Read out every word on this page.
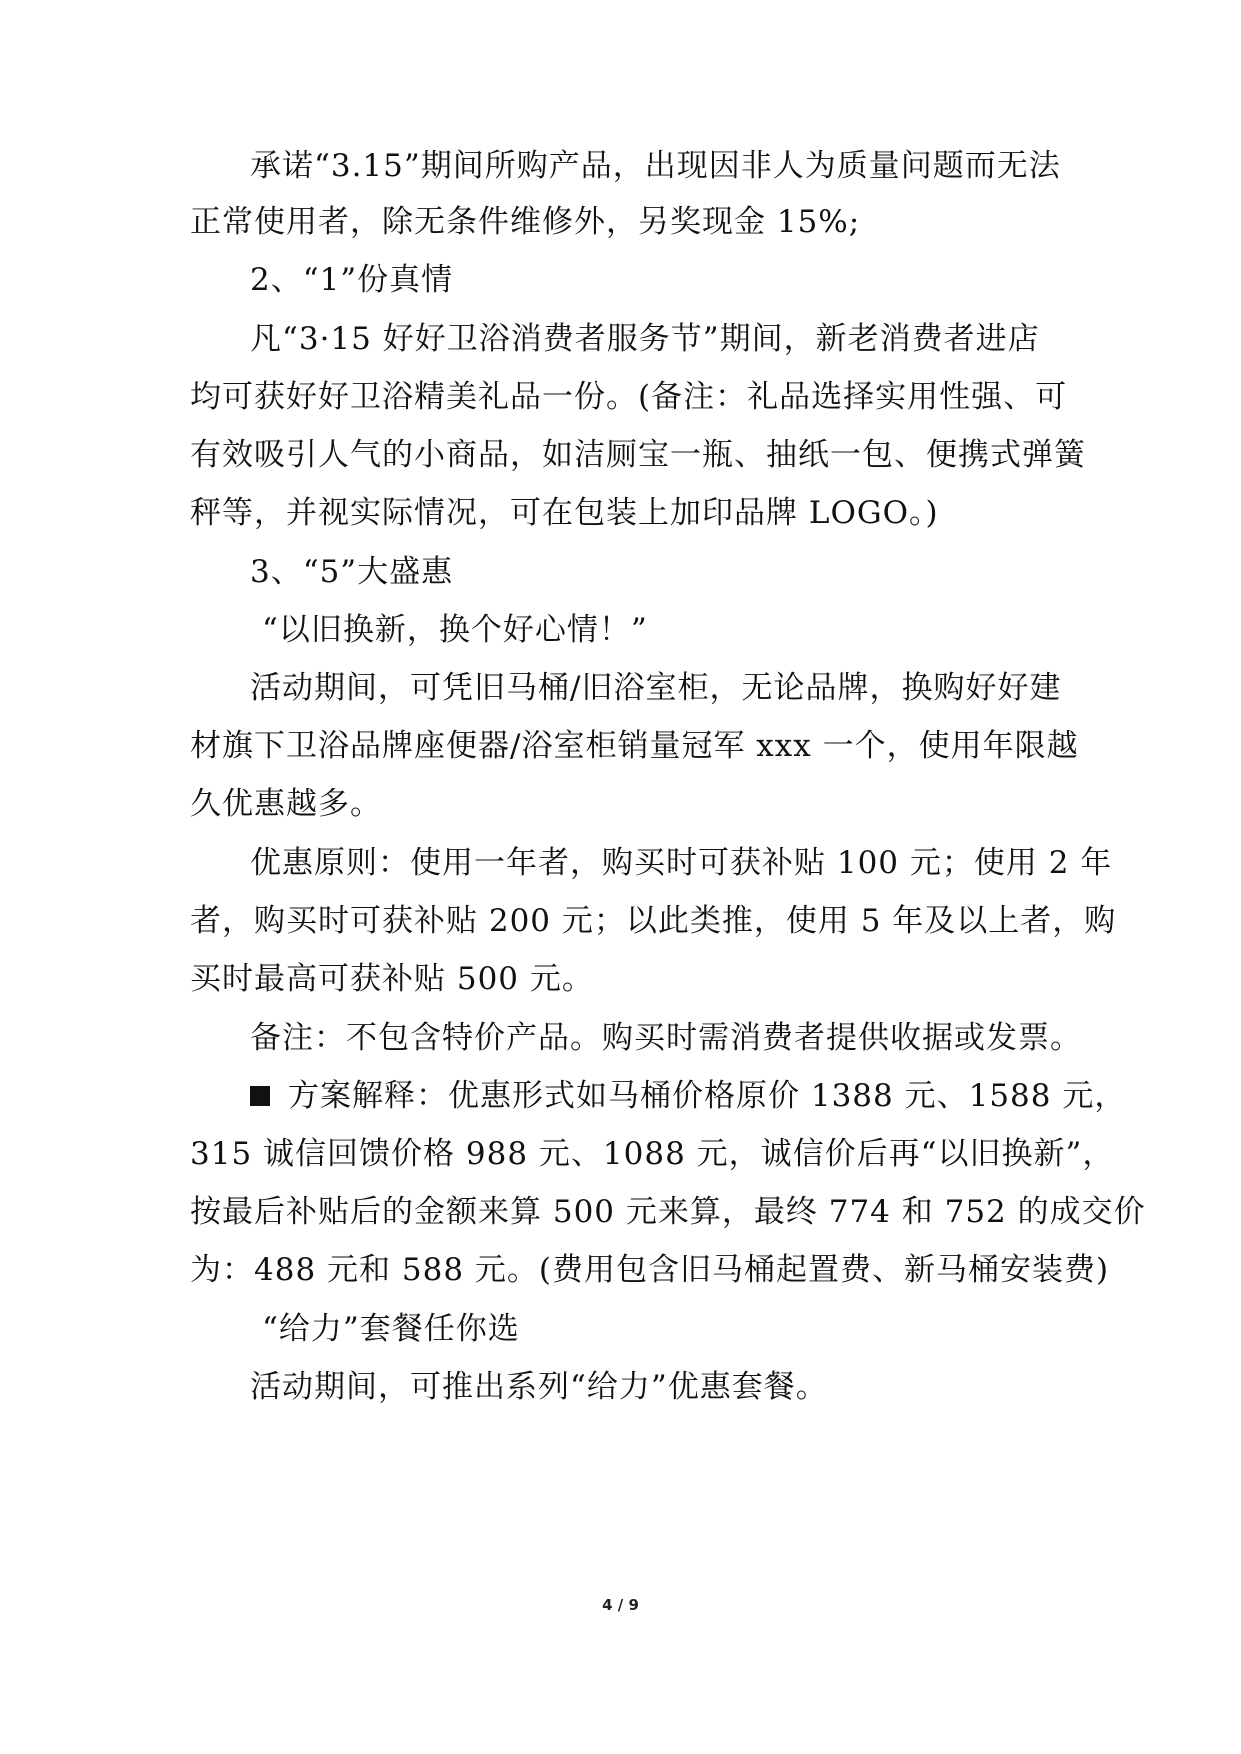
承诺“3.15”期间所购产品，出现因非人为质量问题而无法
正常使用者，除无条件维修外，另奖现金 15%;
2、“1”份真情
凡“3·15 好好卫浴消费者服务节”期间，新老消费者进店
均可获好好卫浴精美礼品一份。(备注：礼品选择实用性强、可
有效吸引人气的小商品，如洁厕宝一瓶、抽纸一包、便携式弹簧
秤等，并视实际情况，可在包装上加印品牌 LOGO。)
3、“5”大盛惠
“以旧换新，换个好心情！”
活动期间，可凭旧马桶/旧浴室柜，无论品牌，换购好好建
材旗下卫浴品牌座便器/浴室柜销量冠军 xxx 一个，使用年限越
久优惠越多。
优惠原则：使用一年者，购买时可获补贴 100 元；使用 2 年
者，购买时可获补贴 200 元；以此类推，使用 5 年及以上者，购
买时最高可获补贴 500 元。
备注：不包含特价产品。购买时需消费者提供收据或发票。
方案解释：优惠形式如马桶价格原价 1388 元、1588 元，
315 诚信回馈价格 988 元、1088 元，诚信价后再“以旧换新”，
按最后补贴后的金额来算 500 元来算，最终 774 和 752 的成交价
为：488 元和 588 元。(费用包含旧马桶起置费、新马桶安装费)
“给力”套餐任你选
活动期间，可推出系列“给力”优惠套餐。
4 / 9
